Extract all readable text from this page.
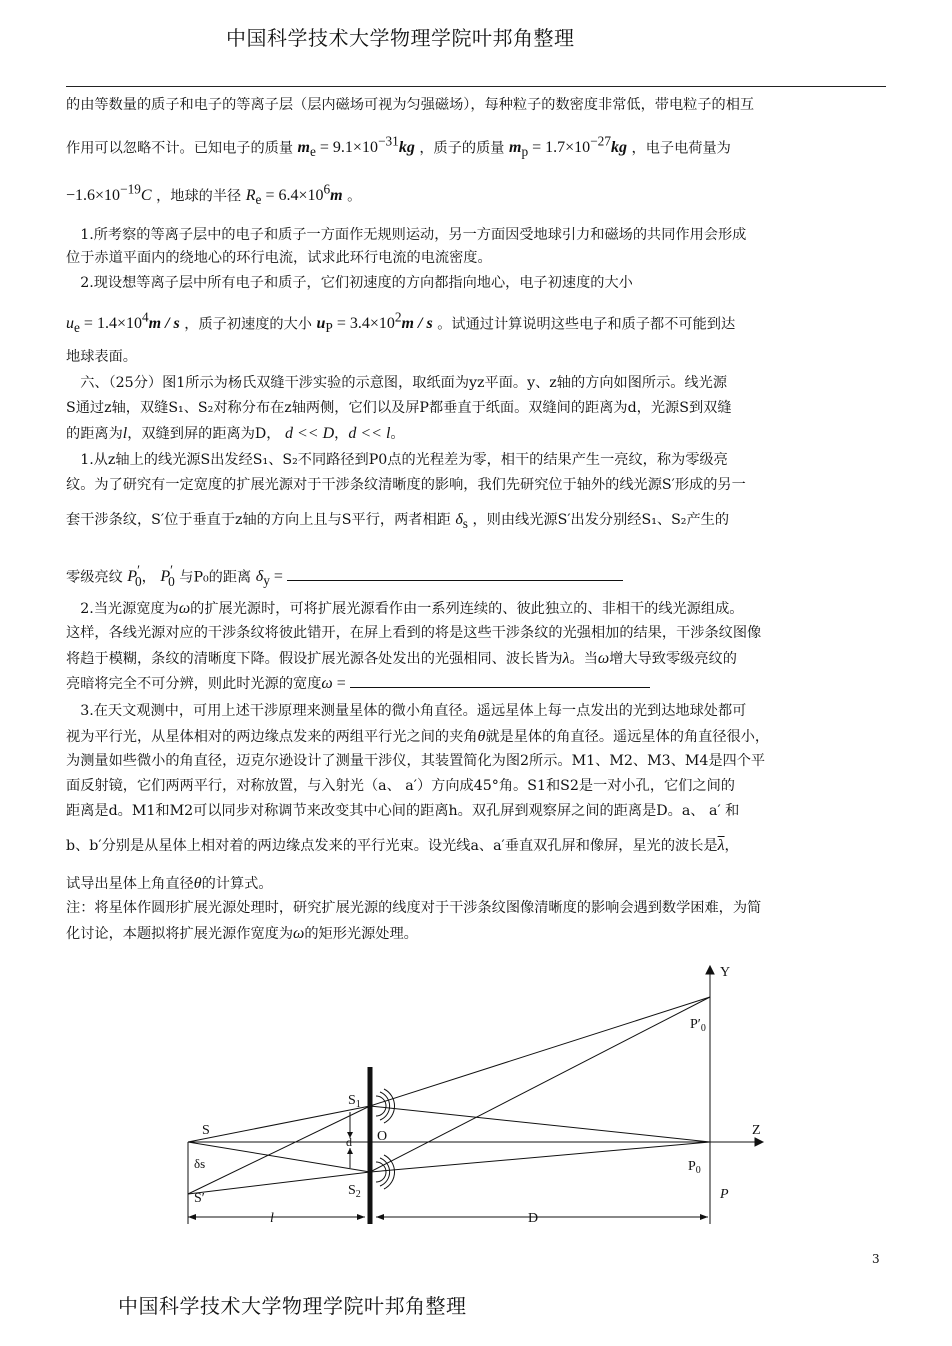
中国科学技术大学物理学院叶邦角整理
的由等数量的质子和电子的等离子层（层内磁场可视为匀强磁场），每种粒子的数密度非常低，带电粒子的相互
作用可以忽略不计。已知电子的质量 $m_e = 9.1\times 10^{-31}kg$ ，质子的质量 $m_p = 1.7\times 10^{-27}kg$ ，电子电荷量为
$-1.6\times 10^{-19}C$ ，地球的半径 $R_e = 6.4\times 10^6m$ 。
　1.所考察的等离子层中的电子和质子一方面作无规则运动，另一方面因受地球引力和磁场的共同作用会形成
位于赤道平面内的绕地心的环行电流，试求此环行电流的电流密度。
　2.现设想等离子层中所有电子和质子，它们初速度的方向都指向地心，电子初速度的大小
$u_e = 1.4\times 10^4m / s$ ，质子初速度的大小 $u_P = 3.4\times 10^2m / s$ 。试通过计算说明这些电子和质子都不可能到达
地球表面。
　六、（25分）图1所示为杨氏双缝干涉实验的示意图，取纸面为yz平面。y、z轴的方向如图所示。线光源
S通过z轴，双缝S₁、S₂对称分布在z轴两侧，它们以及屏P都垂直于纸面。双缝间的距离为d，光源S到双缝
的距离为l，双缝到屏的距离为D， d << D，d << l。
　1.从z轴上的线光源S出发经S₁、S₂不同路径到P0点的光程差为零，相干的结果产生一亮纹，称为零级亮
纹。为了研究有一定宽度的扩展光源对于干涉条纹清晰度的影响，我们先研究位于轴外的线光源S′形成的另一
套干涉条纹，S′位于垂直于z轴的方向上且与S平行，两者相距 $\delta_s$ ，则由线光源S′出发分别经S₁、S₂产生的
零级亮纹 $P'_0$， $P'_0$ 与P₀的距离 $\delta_y$ =
　2.当光源宽度为ω的扩展光源时，可将扩展光源看作由一系列连续的、彼此独立的、非相干的线光源组成。
这样，各线光源对应的干涉条纹将彼此错开，在屏上看到的将是这些干涉条纹的光强相加的结果，干涉条纹图像
将趋于模糊，条纹的清晰度下降。假设扩展光源各处发出的光强相同、波长皆为λ。当ω增大导致零级亮纹的
亮暗将完全不可分辨，则此时光源的宽度ω =
　3.在天文观测中，可用上述干涉原理来测量星体的微小角直径。遥远星体上每一点发出的光到达地球处都可
视为平行光，从星体相对的两边缘点发来的两组平行光之间的夹角θ就是星体的角直径。遥远星体的角直径很小，
为测量如些微小的角直径，迈克尔逊设计了测量干涉仪，其装置简化为图2所示。M1、M2、M3、M4是四个平
面反射镜，它们两两平行，对称放置，与入射光（a、 a′）方向成45°角。S1和S2是一对小孔，它们之间的
距离是d。M1和M2可以同步对称调节来改变其中心间的距离h。双孔屏到观察屏之间的距离是D。a、 a′ 和
b、b′分别是从星体上相对着的两边缘点发来的平行光束。设光线a、a′垂直双孔屏和像屏，星光的波长是$\overline{\lambda}$，
试导出星体上角直径θ的计算式。
注：将星体作圆形扩展光源处理时，研究扩展光源的线度对于干涉条纹图像清晰度的影响会遇到数学困难，为简
化讨论，本题拟将扩展光源作宽度为ω的矩形光源处理。
Y
Z
$P'_0$
$S_1$
$S_2$
S
S′
O
d
δs	$P_0$
P
l	D
3
中国科学技术大学物理学院叶邦角整理
